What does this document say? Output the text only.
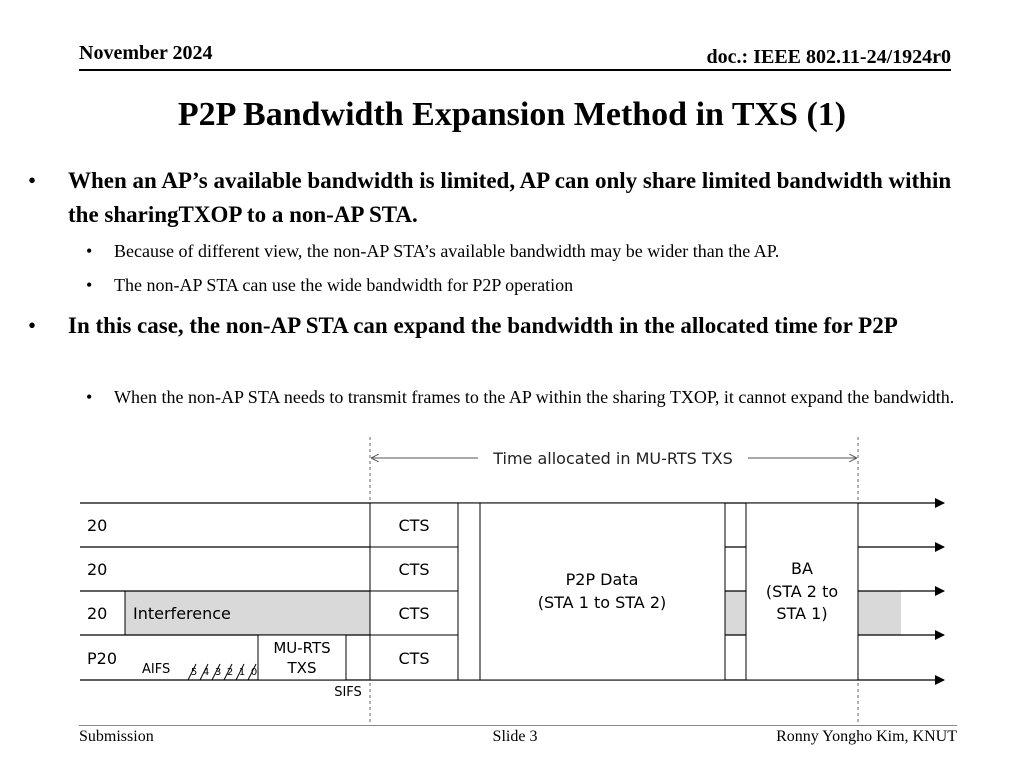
November 2024	doc.: IEEE 802.11-24/1924r0
P2P Bandwidth Expansion Method in TXS (1)
• When an AP’s available bandwidth is limited, AP can only share limited bandwidth within the sharingTXOP to a non-AP STA.
• Because of different view, the non-AP STA’s available bandwidth may be wider than the AP.
• The non-AP STA can use the wide bandwidth for P2P operation
• In this case, the non-AP STA can expand the bandwidth in the allocated time for P2P
• When the non-AP STA needs to transmit frames to the AP within the sharing TXOP, it cannot expand the bandwidth.
Time allocated in MU-RTS TXS
20
20
20
P20
Interference
MU-RTS
TXS
AIFS 5 4 3 2 1 0
SIFS
CTS
CTS
CTS
CTS
P2P Data
(STA 1 to STA 2)
BA
(STA 2 to
STA 1)
Submission	Slide 3	Ronny Yongho Kim, KNUT
